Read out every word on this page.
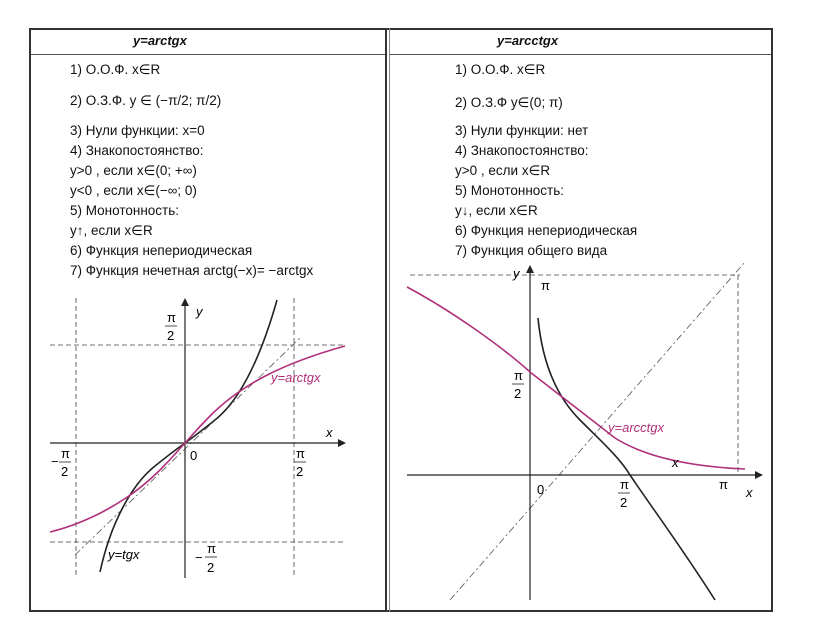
y=arctgx	y=arcctgx
1) О.О.Ф. x∈R
2) О.З.Ф. y ∈ (−π/2; π/2)
3) Нули функции: x=0
4) Знакопостоянство:
y>0 , если x∈(0; +∞)
y<0 , если x∈(−∞; 0)
5) Монотонность:
y↑, если x∈R
6) Функция непериодическая
7) Функция нечетная arctg(−x)= −arctgx
1) О.О.Ф. x∈R
2) О.З.Ф y∈(0; π)
3) Нули функции: нет
4) Знакопостоянство:
y>0 , если x∈R
5) Монотонность:
y↓, если x∈R
6) Функция непериодическая
7) Функция общего вида
y
x
0
π
2
−
π
2
π
2
−
π
2
y=arctgx
y=tgx
y
π
π
2
0	π
2
π
x
y=arcctgx
x
